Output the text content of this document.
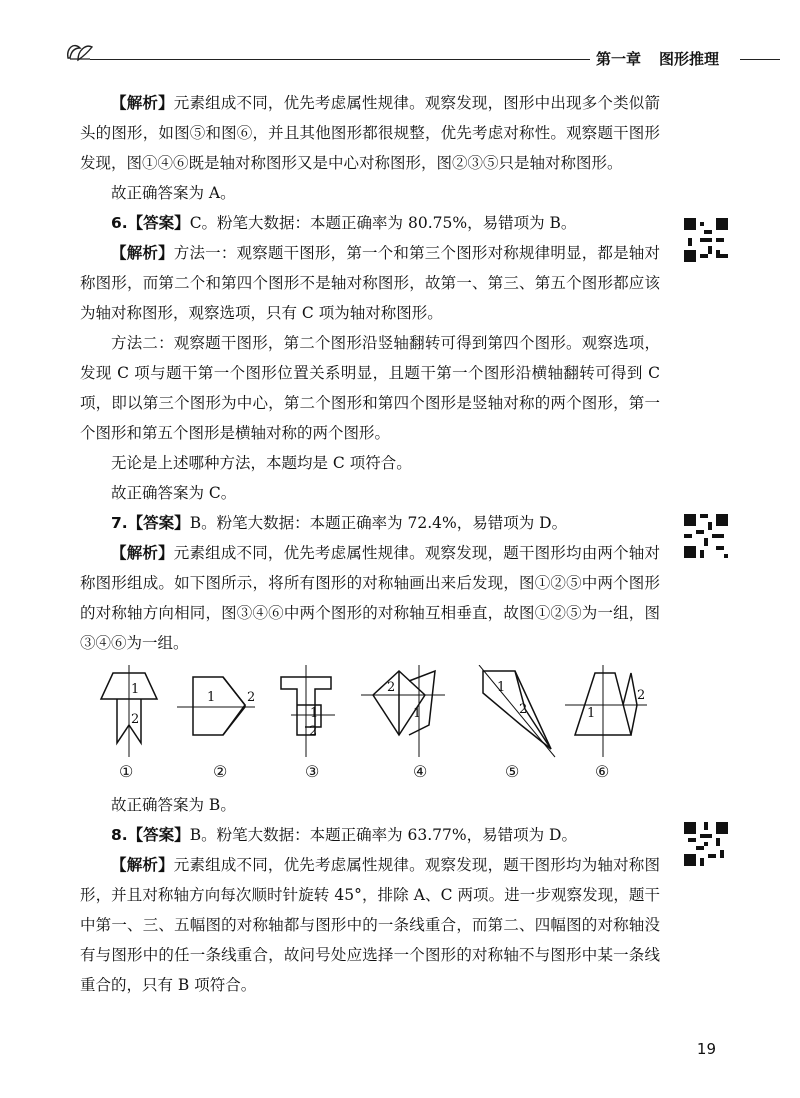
第一章 图形推理

【解析】元素组成不同，优先考虑属性规律。观察发现，图形中出现多个类似箭头的图形，如图⑤和图⑥，并且其他图形都很规整，优先考虑对称性。观察题干图形发现，图①④⑥既是轴对称图形又是中心对称图形，图②③⑤只是轴对称图形。

故正确答案为 A。

6.【答案】C。粉笔大数据：本题正确率为 80.75%，易错项为 B。

【解析】方法一：观察题干图形，第一个和第三个图形对称规律明显，都是轴对称图形，而第二个和第四个图形不是轴对称图形，故第一、第三、第五个图形都应该为轴对称图形，观察选项，只有 C 项为轴对称图形。

方法二：观察题干图形，第二个图形沿竖轴翻转可得到第四个图形。观察选项，发现 C 项与题干第一个图形位置关系明显，且题干第一个图形沿横轴翻转可得到 C 项，即以第三个图形为中心，第二个图形和第四个图形是竖轴对称的两个图形，第一个图形和第五个图形是横轴对称的两个图形。

无论是上述哪种方法，本题均是 C 项符合。

故正确答案为 C。

7.【答案】B。粉笔大数据：本题正确率为 72.4%，易错项为 D。

【解析】元素组成不同，优先考虑属性规律。观察发现，题干图形均由两个轴对称图形组成。如下图所示，将所有图形的对称轴画出来后发现，图①②⑤中两个图形的对称轴方向相同，图③④⑥中两个图形的对称轴互相垂直，故图①②⑤为一组，图③④⑥为一组。

1
2
1 2
1
2
2
1
1
2	1
2
①	②	③	④	⑤	⑥

故正确答案为 B。

8.【答案】B。粉笔大数据：本题正确率为 63.77%，易错项为 D。

【解析】元素组成不同，优先考虑属性规律。观察发现，题干图形均为轴对称图形，并且对称轴方向每次顺时针旋转 45°，排除 A、C 两项。进一步观察发现，题干中第一、三、五幅图的对称轴都与图形中的一条线重合，而第二、四幅图的对称轴没有与图形中的任一条线重合，故问号处应选择一个图形的对称轴不与图形中某一条线重合的，只有 B 项符合。

19
